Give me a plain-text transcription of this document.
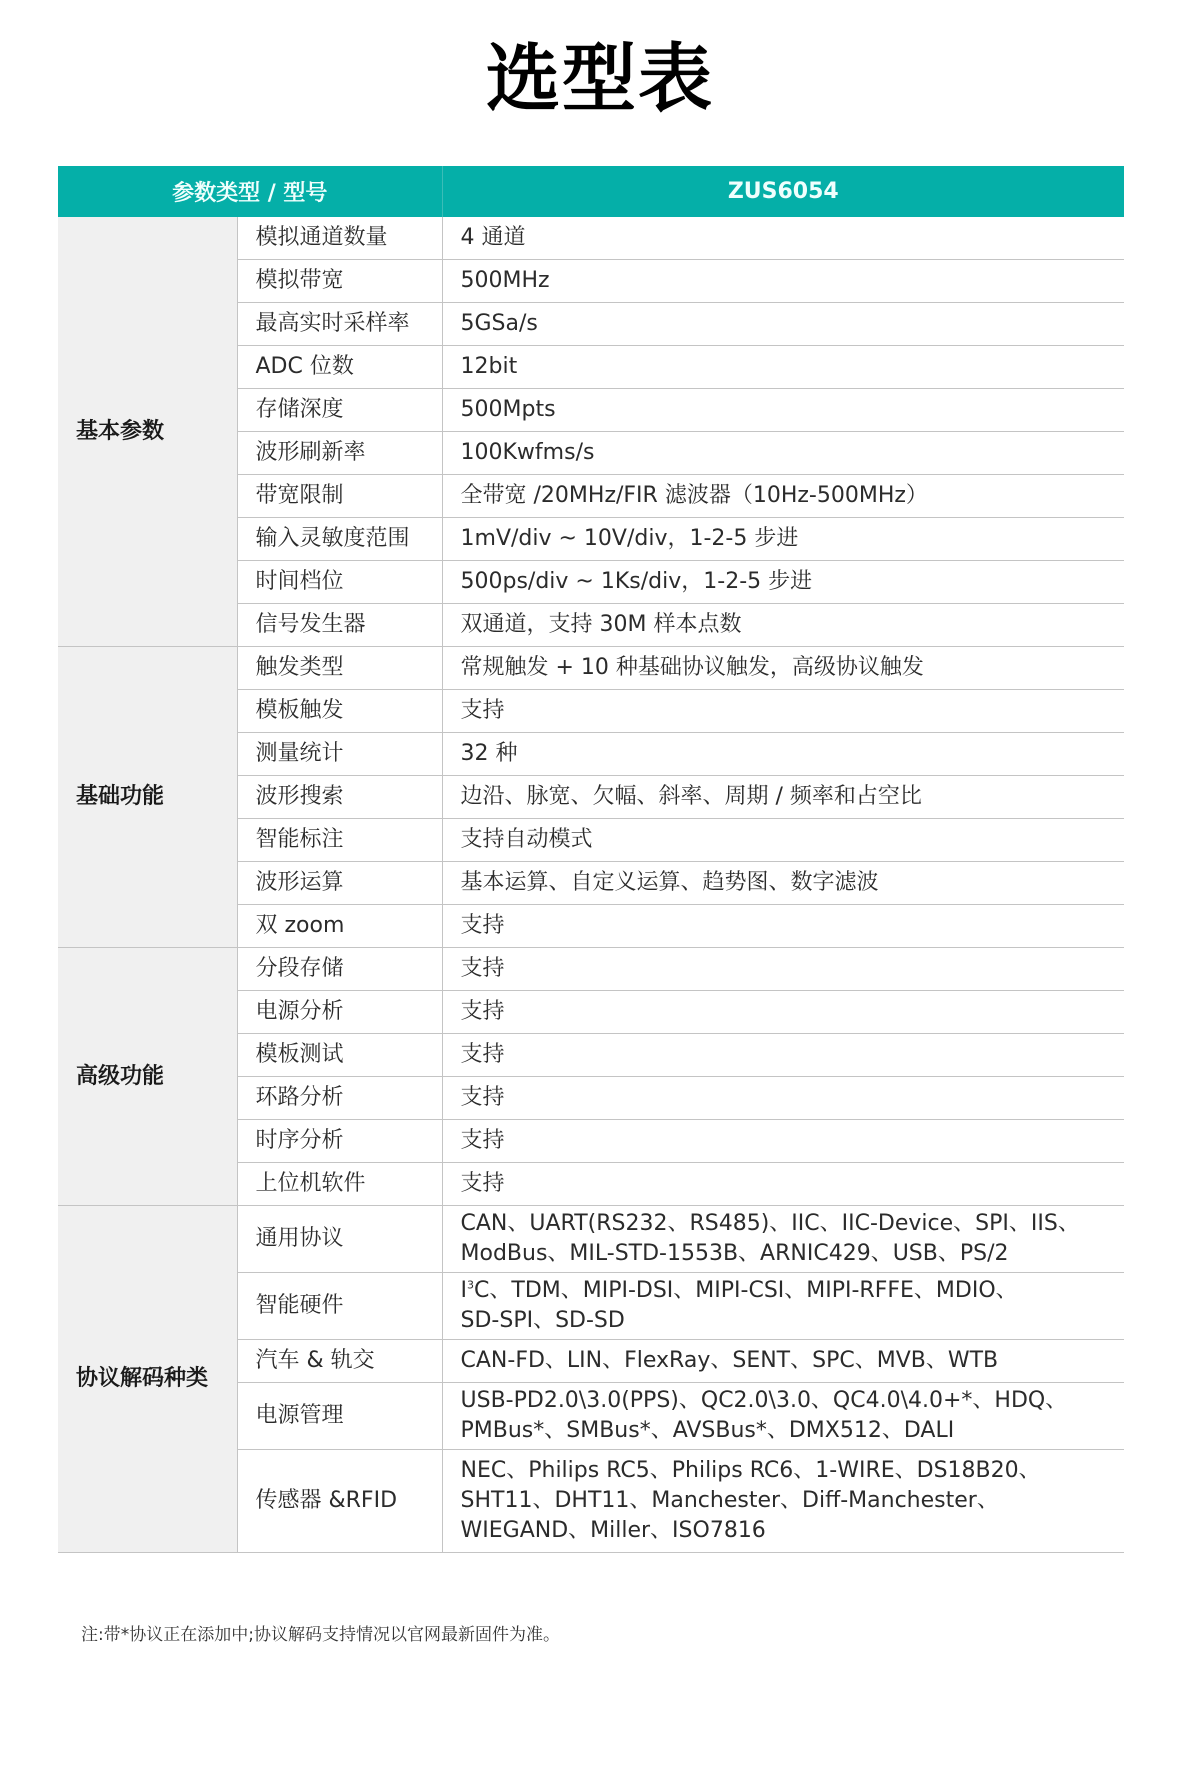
选型表
参数类型 / 型号		ZUS6054
基本参数	模拟通道数量	4 通道
	模拟带宽	500MHz
	最高实时采样率	5GSa/s
	ADC 位数	12bit
	存储深度	500Mpts
	波形刷新率	100Kwfms/s
	带宽限制	全带宽 /20MHz/FIR 滤波器（10Hz-500MHz）
	输入灵敏度范围	1mV/div ~ 10V/div，1-2-5 步进
	时间档位	500ps/div ~ 1Ks/div，1-2-5 步进
	信号发生器	双通道，支持 30M 样本点数
基础功能	触发类型	常规触发 + 10 种基础协议触发，高级协议触发
	模板触发	支持
	测量统计	32 种
	波形搜索	边沿、脉宽、欠幅、斜率、周期 / 频率和占空比
	智能标注	支持自动模式
	波形运算	基本运算、自定义运算、趋势图、数字滤波
	双 zoom	支持
高级功能	分段存储	支持
	电源分析	支持
	模板测试	支持
	环路分析	支持
	时序分析	支持
	上位机软件	支持
协议解码种类	通用协议	CAN、UART(RS232、RS485)、IIC、IIC-Device、SPI、IIS、
ModBus、MIL-STD-1553B、ARNIC429、USB、PS/2

	智能硬件	$I^3C$、TDM、MIPI-DSI、MIPI-CSI、MIPI-RFFE、MDIO、
SD-SPI、SD-SD

	汽车 & 轨交	CAN-FD、LIN、FlexRay、SENT、SPC、MVB、WTB
	电源管理	USB-PD2.0\3.0(PPS)、QC2.0\3.0、QC4.0\4.0+*、HDQ、
PMBus*、SMBus*、AVSBus*、DMX512、DALI

	传感器 &RFID	NEC、Philips RC5、Philips RC6、1-WIRE、DS18B20、
SHT11、DHT11、Manchester、Diff-Manchester、
WIEGAND、Miller、ISO7816
注:带*协议正在添加中;协议解码支持情况以官网最新固件为准。
